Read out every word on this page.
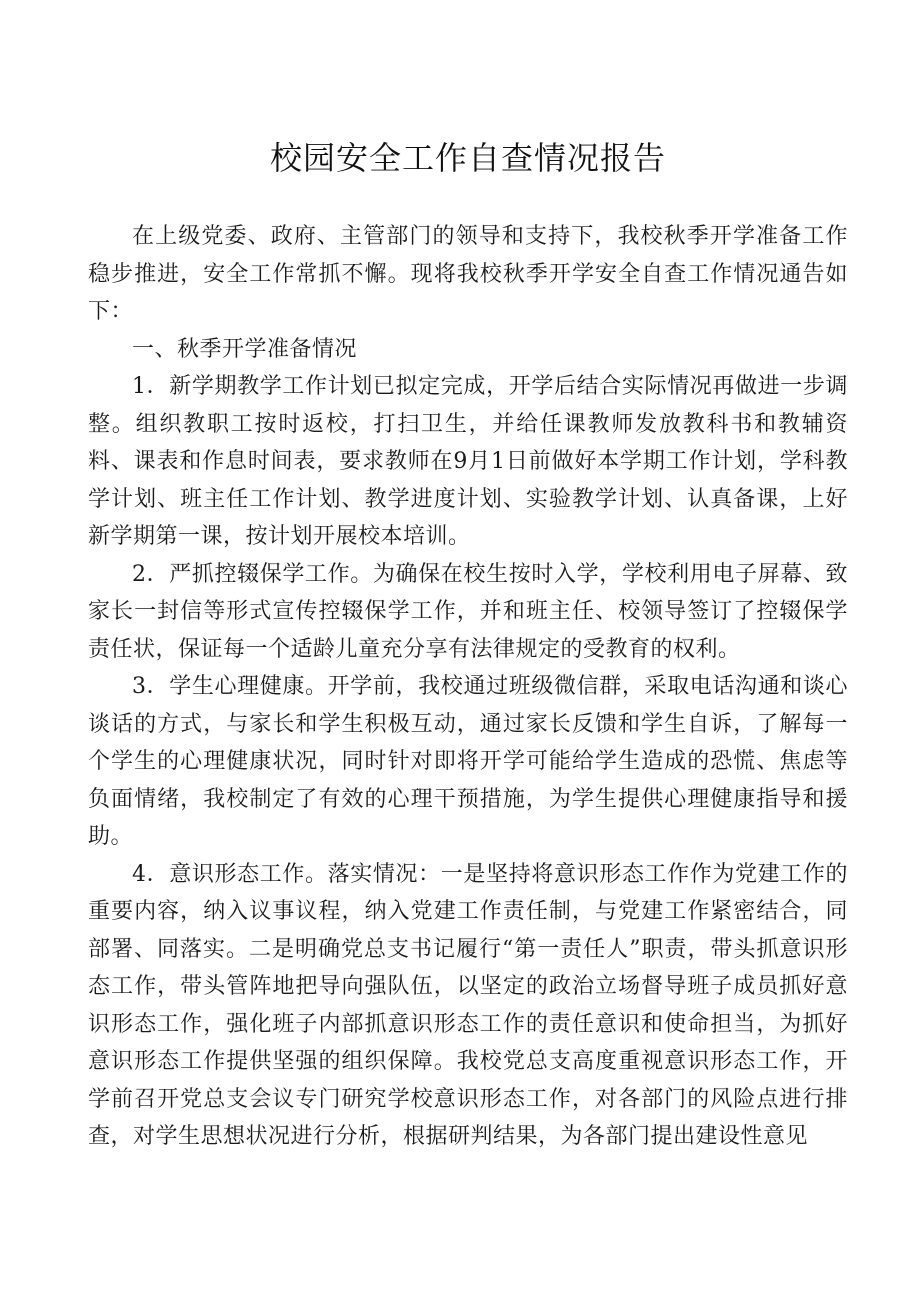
校园安全工作自查情况报告

在上级党委、政府、主管部门的领导和支持下，我校秋季开学准备工作稳步推进，安全工作常抓不懈。现将我校秋季开学安全自查工作情况通告如下：

一、秋季开学准备情况

1．新学期教学工作计划已拟定完成，开学后结合实际情况再做进一步调整。组织教职工按时返校，打扫卫生，并给任课教师发放教科书和教辅资料、课表和作息时间表，要求教师在9月1日前做好本学期工作计划，学科教学计划、班主任工作计划、教学进度计划、实验教学计划、认真备课，上好新学期第一课，按计划开展校本培训。

2．严抓控辍保学工作。为确保在校生按时入学，学校利用电子屏幕、致家长一封信等形式宣传控辍保学工作，并和班主任、校领导签订了控辍保学责任状，保证每一个适龄儿童充分享有法律规定的受教育的权利。

3．学生心理健康。开学前，我校通过班级微信群，采取电话沟通和谈心谈话的方式，与家长和学生积极互动，通过家长反馈和学生自诉，了解每一个学生的心理健康状况，同时针对即将开学可能给学生造成的恐慌、焦虑等负面情绪，我校制定了有效的心理干预措施，为学生提供心理健康指导和援助。

4．意识形态工作。落实情况：一是坚持将意识形态工作作为党建工作的重要内容，纳入议事议程，纳入党建工作责任制，与党建工作紧密结合，同部署、同落实。二是明确党总支书记履行“第一责任人”职责，带头抓意识形态工作，带头管阵地把导向强队伍，以坚定的政治立场督导班子成员抓好意识形态工作，强化班子内部抓意识形态工作的责任意识和使命担当，为抓好意识形态工作提供坚强的组织保障。我校党总支高度重视意识形态工作，开学前召开党总支会议专门研究学校意识形态工作，对各部门的风险点进行排查，对学生思想状况进行分析，根据研判结果，为各部门提出建设性意见
